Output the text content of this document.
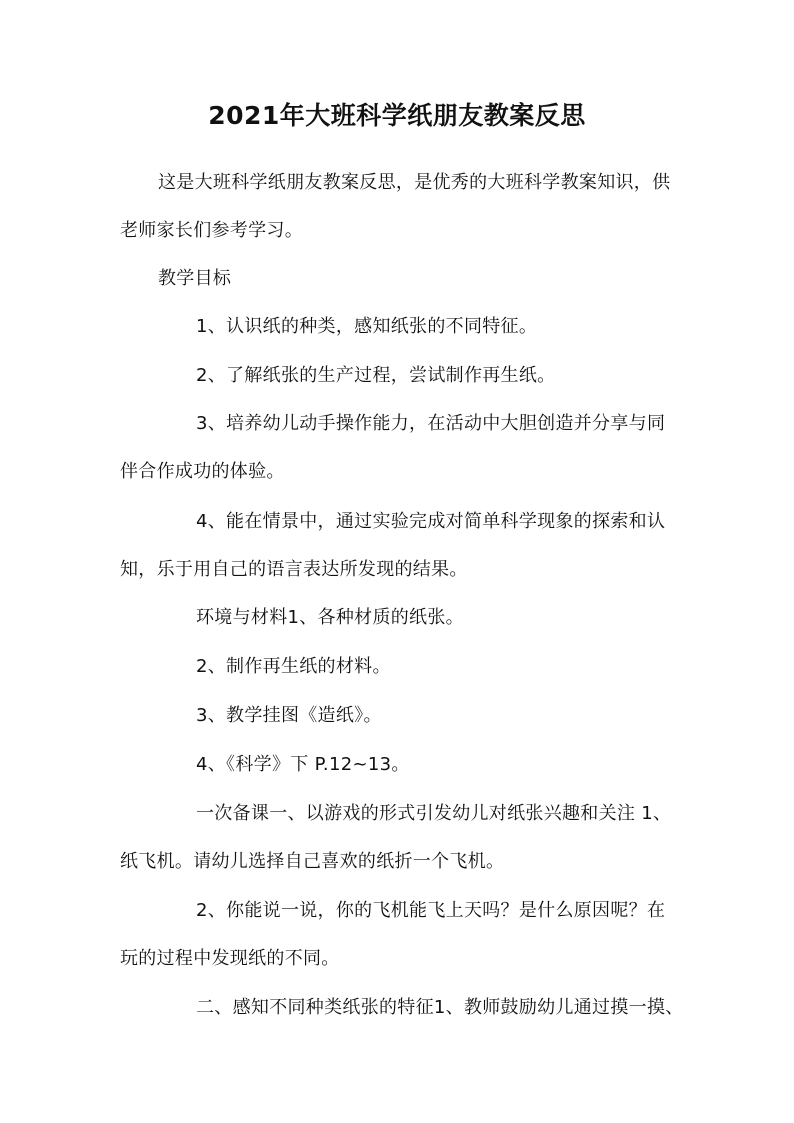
2021年大班科学纸朋友教案反思
这是大班科学纸朋友教案反思，是优秀的大班科学教案知识，供
老师家长们参考学习。
教学目标
1、认识纸的种类，感知纸张的不同特征。
2、了解纸张的生产过程，尝试制作再生纸。
3、培养幼儿动手操作能力，在活动中大胆创造并分享与同
伴合作成功的体验。
4、能在情景中，通过实验完成对简单科学现象的探索和认
知，乐于用自己的语言表达所发现的结果。
环境与材料1、各种材质的纸张。
2、制作再生纸的材料。
3、教学挂图《造纸》。
4、《科学》下 P.12~13。
一次备课一、以游戏的形式引发幼儿对纸张兴趣和关注 1、
纸飞机。请幼儿选择自己喜欢的纸折一个飞机。
2、你能说一说，你的飞机能飞上天吗？是什么原因呢？在
玩的过程中发现纸的不同。
二、感知不同种类纸张的特征1、教师鼓励幼儿通过摸一摸、
